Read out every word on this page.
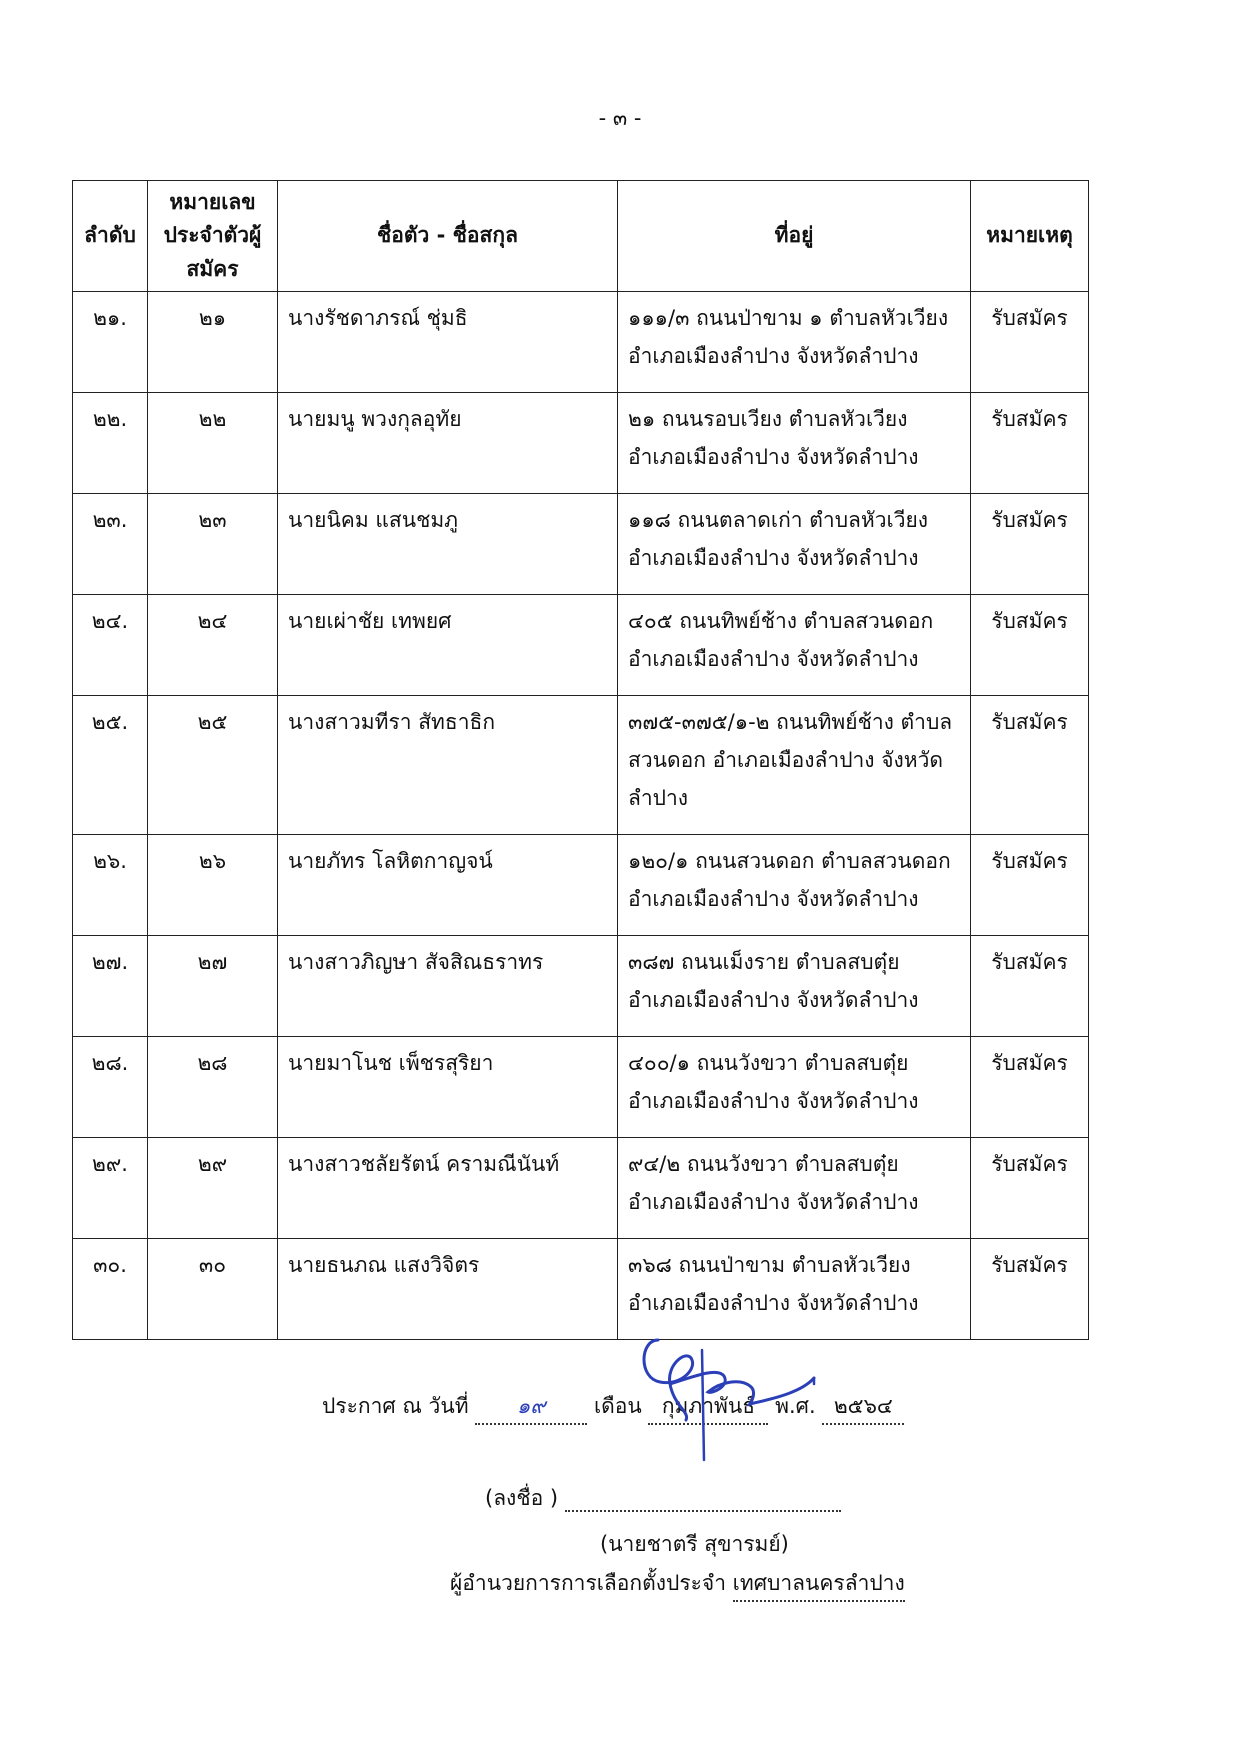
- ๓ -
ลำดับ	หมายเลขประจำตัวผู้สมัคร	ชื่อตัว - ชื่อสกุล	ที่อยู่	หมายเหตุ
๒๑.	๒๑	นางรัชดาภรณ์ ชุ่มธิ	๑๑๑/๓ ถนนป่าขาม ๑ ตำบลหัวเวียง อำเภอเมืองลำปาง จังหวัดลำปาง	รับสมัคร
๒๒.	๒๒	นายมนู พวงกุลอุทัย	๒๑ ถนนรอบเวียง ตำบลหัวเวียง อำเภอเมืองลำปาง จังหวัดลำปาง	รับสมัคร
๒๓.	๒๓	นายนิคม แสนชมภู	๑๑๘ ถนนตลาดเก่า ตำบลหัวเวียง อำเภอเมืองลำปาง จังหวัดลำปาง	รับสมัคร
๒๔.	๒๔	นายเผ่าชัย เทพยศ	๔๐๕ ถนนทิพย์ช้าง ตำบลสวนดอก อำเภอเมืองลำปาง จังหวัดลำปาง	รับสมัคร
๒๕.	๒๕	นางสาวมทีรา สัทธาธิก	๓๗๕-๓๗๕/๑-๒ ถนนทิพย์ช้าง ตำบลสวนดอก อำเภอเมืองลำปาง จังหวัดลำปาง	รับสมัคร
๒๖.	๒๖	นายภัทร โลหิตกาญจน์	๑๒๐/๑ ถนนสวนดอก ตำบลสวนดอก อำเภอเมืองลำปาง จังหวัดลำปาง	รับสมัคร
๒๗.	๒๗	นางสาวภิญษา สัจสิณธราทร	๓๘๗ ถนนเม็งราย ตำบลสบตุ๋ย อำเภอเมืองลำปาง จังหวัดลำปาง	รับสมัคร
๒๘.	๒๘	นายมาโนช เพ็ชรสุริยา	๔๐๐/๑ ถนนวังขวา ตำบลสบตุ๋ย อำเภอเมืองลำปาง จังหวัดลำปาง	รับสมัคร
๒๙.	๒๙	นางสาวชลัยรัตน์ ครามณีนันท์	๙๔/๒ ถนนวังขวา ตำบลสบตุ๋ย อำเภอเมืองลำปาง จังหวัดลำปาง	รับสมัคร
๓๐.	๓๐	นายธนภณ แสงวิจิตร	๓๖๘ ถนนป่าขาม ตำบลหัวเวียง อำเภอเมืองลำปาง จังหวัดลำปาง	รับสมัคร
ประกาศ ณ วันที่ ๑๙ เดือน กุมภาพันธ์ พ.ศ. ๒๕๖๔
(ลงชื่อ )
(นายชาตรี สุขารมย์)
ผู้อำนวยการการเลือกตั้งประจำ เทศบาลนครลำปาง
